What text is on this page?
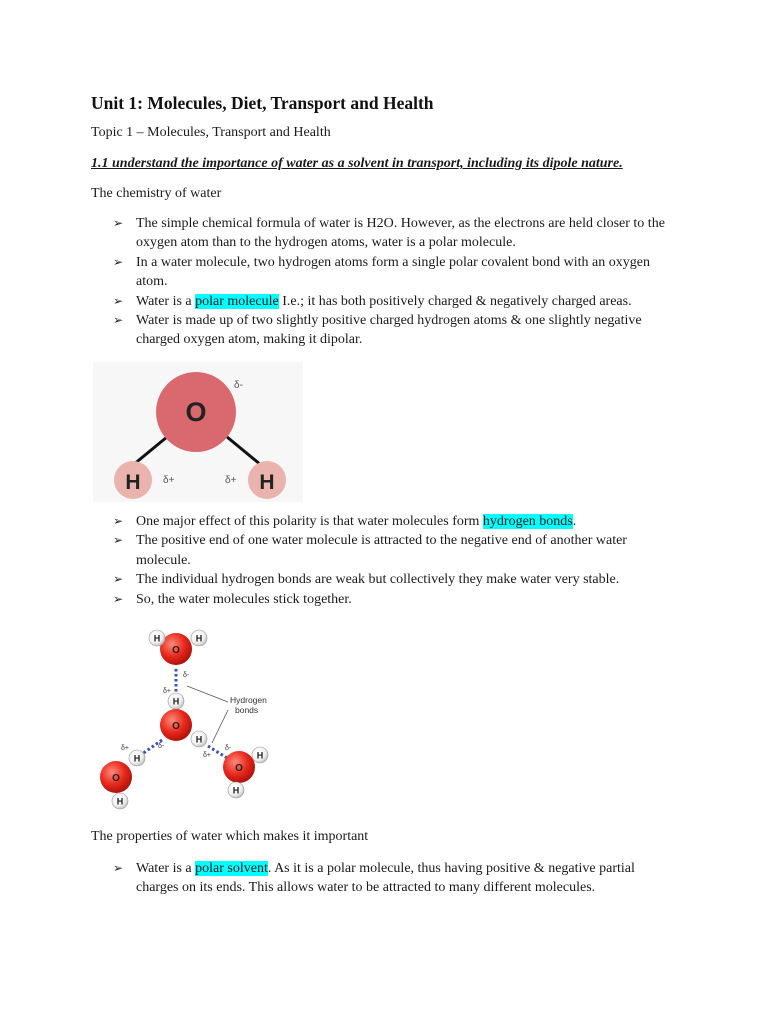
Unit 1: Molecules, Diet, Transport and Health
Topic 1 – Molecules, Transport and Health
1.1 understand the importance of water as a solvent in transport, including its dipole nature.
The chemistry of water
➢ The simple chemical formula of water is H2O. However, as the electrons are held closer to the oxygen atom than to the hydrogen atoms, water is a polar molecule.
➢ In a water molecule, two hydrogen atoms form a single polar covalent bond with an oxygen atom.
➢ Water is a polar molecule I.e.; it has both positively charged & negatively charged areas.
➢ Water is made up of two slightly positive charged hydrogen atoms & one slightly negative charged oxygen atom, making it dipolar.
O
H	H
δ-
δ+	δ+
➢ One major effect of this polarity is that water molecules form hydrogen bonds.
➢ The positive end of one water molecule is attracted to the negative end of another water molecule.
➢ The individual hydrogen bonds are weak but collectively they make water very stable.
➢ So, the water molecules stick together.
Hydrogen
bonds
O
H	H
δ-
δ+
O
H
H
δ-
δ+
O
H
H
δ+
O
H
H
δ-
The properties of water which makes it important
➢ Water is a polar solvent. As it is a polar molecule, thus having positive & negative partial charges on its ends. This allows water to be attracted to many different molecules.
